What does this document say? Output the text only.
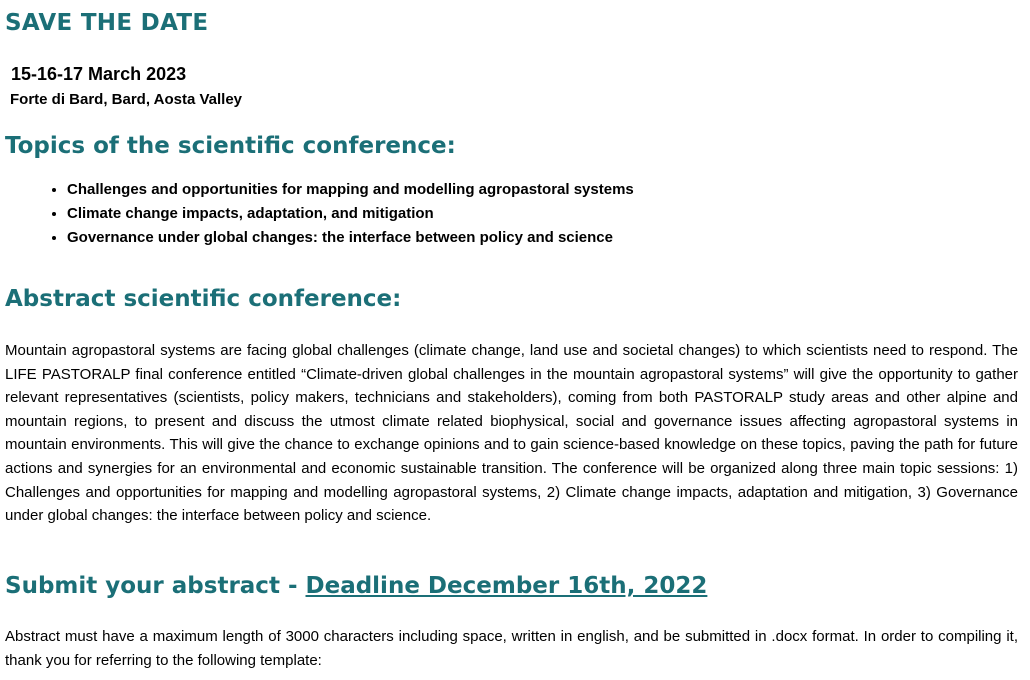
SAVE THE DATE

15-16-17 March 2023

Forte di Bard, Bard, Aosta Valley

Topics of the scientific conference:
• Challenges and opportunities for mapping and modelling agropastoral systems
• Climate change impacts, adaptation, and mitigation
• Governance under global changes: the interface between policy and science
Abstract scientific conference:

Mountain agropastoral systems are facing global challenges (climate change, land use and societal changes) to which scientists need to respond. The LIFE PASTORALP final conference entitled “Climate-driven global challenges in the mountain agropastoral systems” will give the opportunity to gather relevant representatives (scientists, policy makers, technicians and stakeholders), coming from both PASTORALP study areas and other alpine and mountain regions, to present and discuss the utmost climate related biophysical, social and governance issues affecting agropastoral systems in mountain environments. This will give the chance to exchange opinions and to gain science-based knowledge on these topics, paving the path for future actions and synergies for an environmental and economic sustainable transition. The conference will be organized along three main topic sessions: 1) Challenges and opportunities for mapping and modelling agropastoral systems, 2) Climate change impacts, adaptation and mitigation, 3) Governance under global changes: the interface between policy and science.

Submit your abstract - Deadline December 16th, 2022

Abstract must have a maximum length of 3000 characters including space, written in english, and be submitted in .docx format. In order to compiling it, thank you for referring to the following template:
